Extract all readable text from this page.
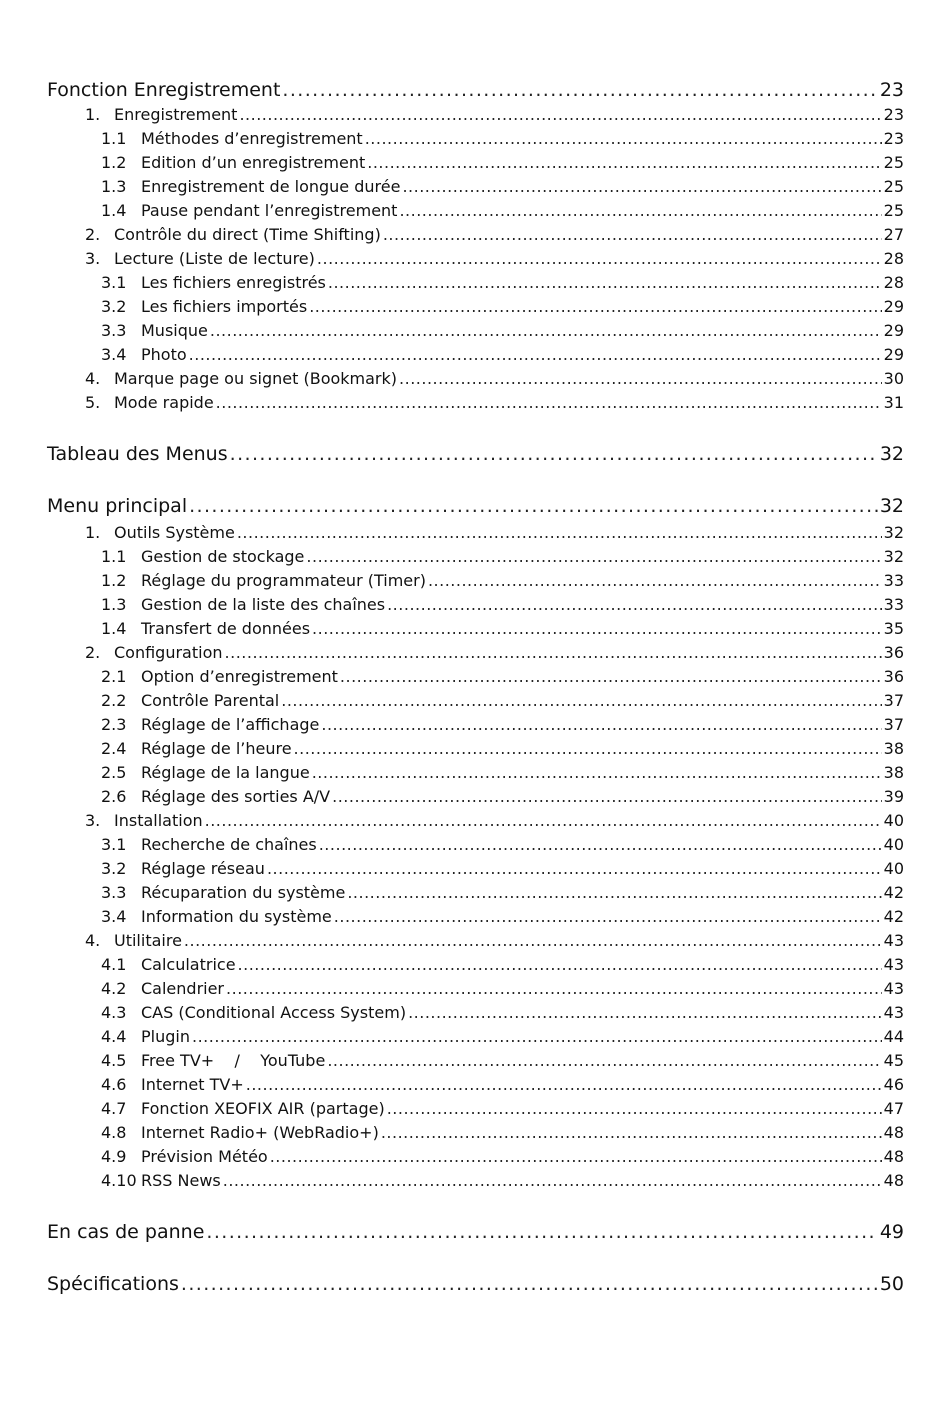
Fonction Enregistrement .....	23
1. Enregistrement .....	23
1.1 Méthodes d’enregistrement .....	23
1.2 Edition d’un enregistrement .....	25
1.3 Enregistrement de longue durée .....	25
1.4 Pause pendant l’enregistrement .....	25
2. Contrôle du direct (Time Shifting) .....	27
3. Lecture (Liste de lecture) .....	28
3.1 Les fichiers enregistrés .....	28
3.2 Les fichiers importés .....	29
3.3 Musique .....	29
3.4 Photo .....	29
4. Marque page ou signet (Bookmark) .....	30
5. Mode rapide .....	31
Tableau des Menus .....	32
Menu principal .....	32
1. Outils Système .....	32
1.1 Gestion de stockage .....	32
1.2 Réglage du programmateur (Timer) .....	33
1.3 Gestion de la liste des chaînes .....	33
1.4 Transfert de données .....	35
2. Configuration .....	36
2.1 Option d’enregistrement .....	36
2.2 Contrôle Parental .....	37
2.3 Réglage de l’affichage .....	37
2.4 Réglage de l’heure .....	38
2.5 Réglage de la langue .....	38
2.6 Réglage des sorties A/V .....	39
3. Installation .....	40
3.1 Recherche de chaînes .....	40
3.2 Réglage réseau .....	40
3.3 Récuparation du système .....	42
3.4 Information du système .....	42
4. Utilitaire .....	43
4.1 Calculatrice .....	43
4.2 Calendrier .....	43
4.3 CAS (Conditional Access System) .....	43
4.4 Plugin .....	44
4.5 Free TV+    /    YouTube .....	45
4.6 Internet TV+ .....	46
4.7 Fonction XEOFIX AIR (partage) .....	47
4.8 Internet Radio+ (WebRadio+) .....	48
4.9 Prévision Météo .....	48
4.10 RSS News .....	48
En cas de panne .....	49
Spécifications .....	50
